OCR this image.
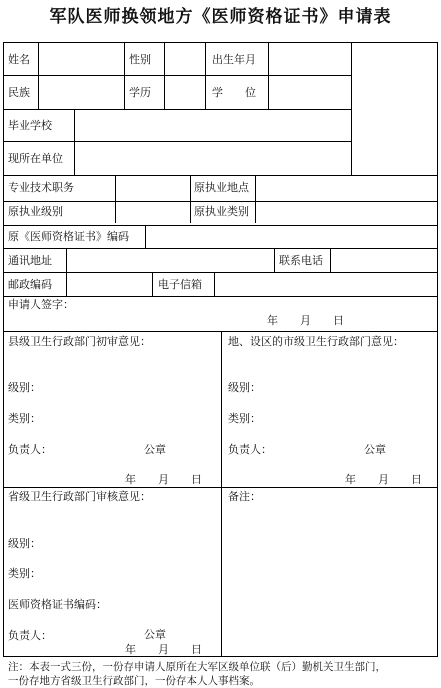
军队医师换领地方《医师资格证书》申请表
姓名	性别	出生年月
民族	学历	学　　位
毕业学校
现所在单位
专业技术职务	原执业地点
原执业级别	原执业类别
原《医师资格证书》编码
通讯地址	联系电话
邮政编码	电子信箱
申请人签字：
年　　月　　日
县级卫生行政部门初审意见：
级别：
类别：
负责人：	公章
年　　月　　日
地、设区的市级卫生行政部门意见：
级别：
类别：
负责人：	公章
年　　月　　日
省级卫生行政部门审核意见：
级别：
类别：
医师资格证书编码：
负责人：	公章
年　　月　　日
备注：
注：本表一式三份，一份存申请人原所在大军区级单位联（后）勤机关卫生部门，
一份存地方省级卫生行政部门，一份存本人人事档案。
